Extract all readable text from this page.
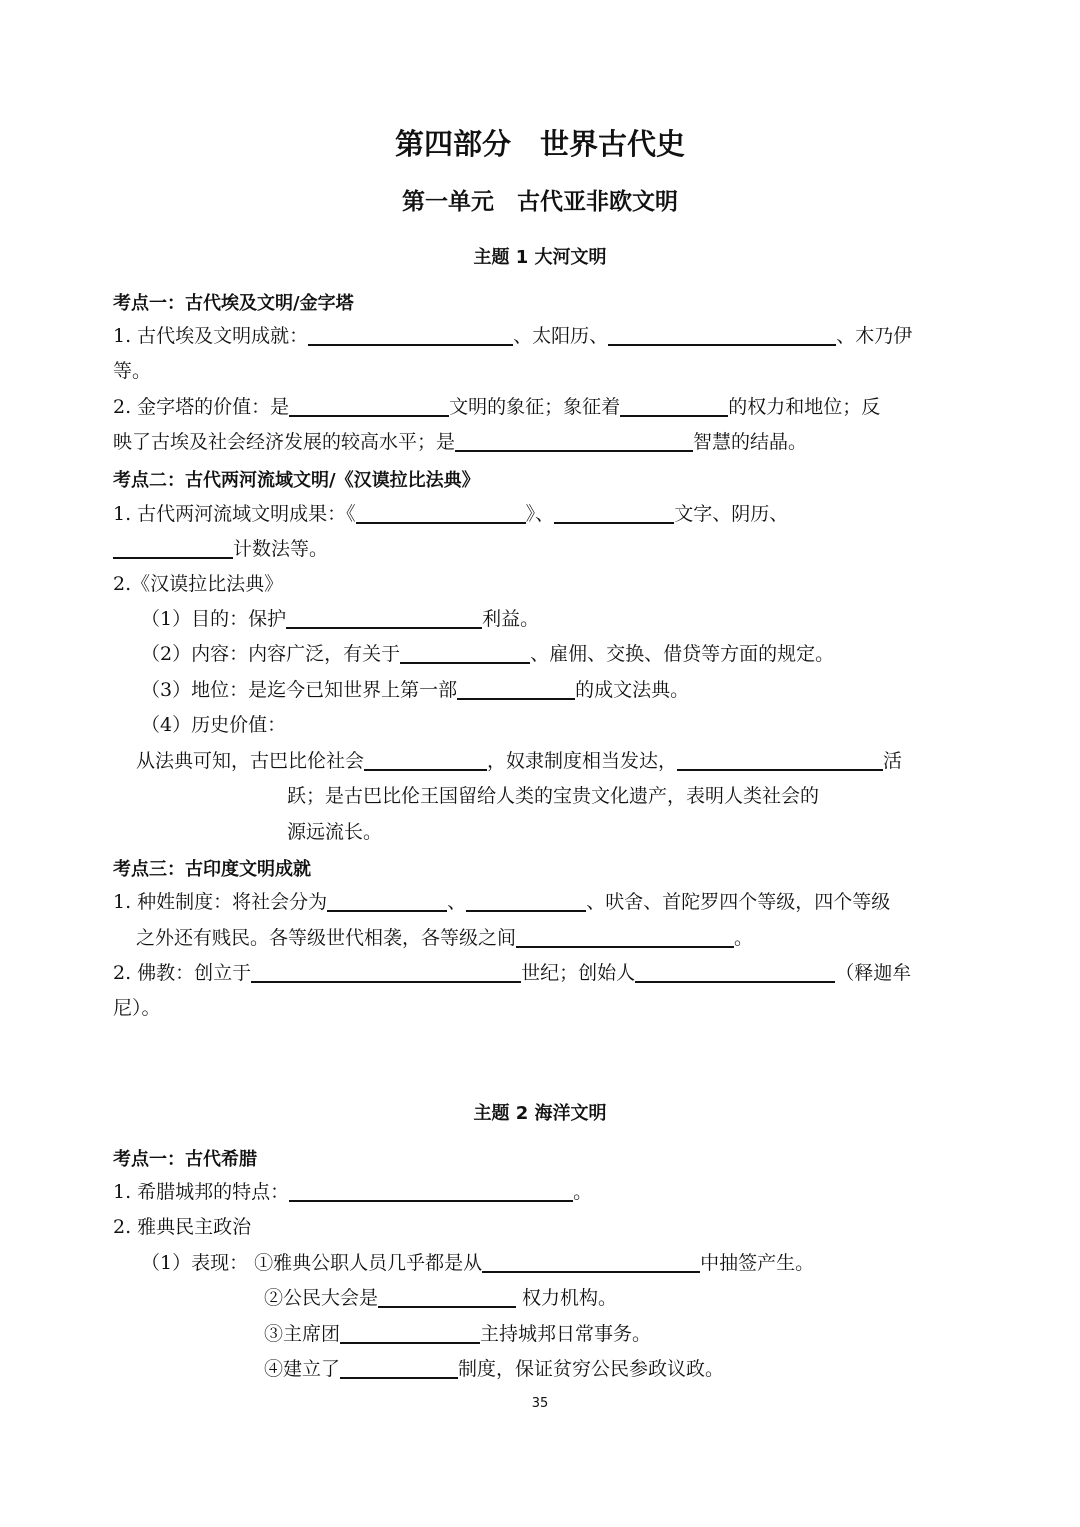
第四部分　世界古代史
第一单元　古代亚非欧文明
主题 1 大河文明
考点一：古代埃及文明/金字塔
1. 古代埃及文明成就：	、太阳历、	、木乃伊
等。
2. 金字塔的价值：是	文明的象征；象征着	的权力和地位；反
映了古埃及社会经济发展的较高水平；是	智慧的结晶。
考点二：古代两河流域文明/《汉谟拉比法典》
1. 古代两河流域文明成果：《	》、	文字、阴历、
计数法等。
2.《汉谟拉比法典》
（1）目的：保护	利益。
（2）内容：内容广泛，有关于	、雇佣、交换、借贷等方面的规定。
（3）地位：是迄今已知世界上第一部	的成文法典。
（4）历史价值：
从法典可知，古巴比伦社会	，奴隶制度相当发达，	活
跃；是古巴比伦王国留给人类的宝贵文化遗产，表明人类社会的
源远流长。
考点三：古印度文明成就
1. 种姓制度：将社会分为	、	、吠舍、首陀罗四个等级，四个等级
之外还有贱民。各等级世代相袭，各等级之间	。
2. 佛教：创立于	世纪；创始人	（释迦牟
尼）。
主题 2 海洋文明
考点一：古代希腊
1. 希腊城邦的特点：	。
2. 雅典民主政治
（1）表现： ①雅典公职人员几乎都是从	中抽签产生。
②公民大会是	权力机构。
③主席团	主持城邦日常事务。
④建立了	制度，保证贫穷公民参政议政。
35
